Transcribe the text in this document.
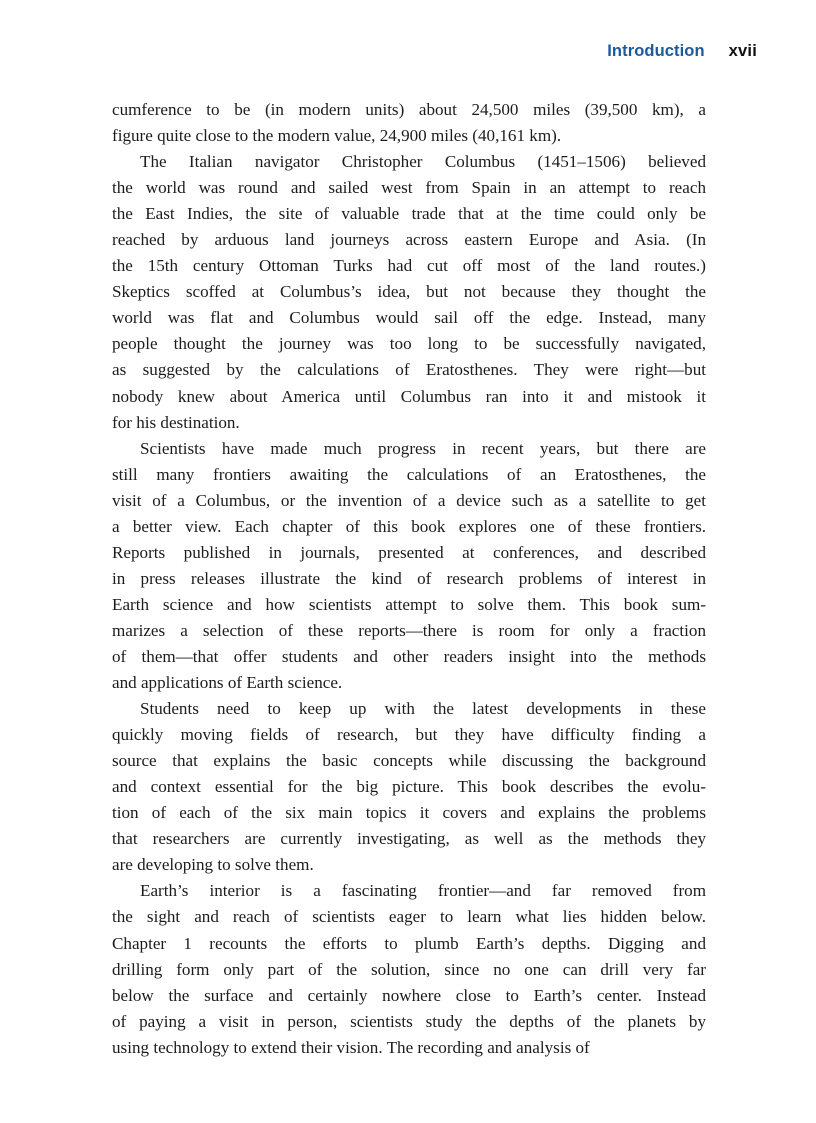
Introduction xvii

cumference to be (in modern units) about 24,500 miles (39,500 km), a
figure quite close to the modern value, 24,900 miles (40,161 km).

The Italian navigator Christopher Columbus (1451–1506) believed
the world was round and sailed west from Spain in an attempt to reach
the East Indies, the site of valuable trade that at the time could only be
reached by arduous land journeys across eastern Europe and Asia. (In
the 15th century Ottoman Turks had cut off most of the land routes.)
Skeptics scoffed at Columbus’s idea, but not because they thought the
world was flat and Columbus would sail off the edge. Instead, many
people thought the journey was too long to be successfully navigated,
as suggested by the calculations of Eratosthenes. They were right—but
nobody knew about America until Columbus ran into it and mistook it
for his destination.

Scientists have made much progress in recent years, but there are
still many frontiers awaiting the calculations of an Eratosthenes, the
visit of a Columbus, or the invention of a device such as a satellite to get
a better view. Each chapter of this book explores one of these frontiers.
Reports published in journals, presented at conferences, and described
in press releases illustrate the kind of research problems of interest in
Earth science and how scientists attempt to solve them. This book sum-
marizes a selection of these reports—there is room for only a fraction
of them—that offer students and other readers insight into the methods
and applications of Earth science.

Students need to keep up with the latest developments in these
quickly moving fields of research, but they have difficulty finding a
source that explains the basic concepts while discussing the background
and context essential for the big picture. This book describes the evolu-
tion of each of the six main topics it covers and explains the problems
that researchers are currently investigating, as well as the methods they
are developing to solve them.

Earth’s interior is a fascinating frontier—and far removed from
the sight and reach of scientists eager to learn what lies hidden below.
Chapter 1 recounts the efforts to plumb Earth’s depths. Digging and
drilling form only part of the solution, since no one can drill very far
below the surface and certainly nowhere close to Earth’s center. Instead
of paying a visit in person, scientists study the depths of the planets by
using technology to extend their vision. The recording and analysis of
